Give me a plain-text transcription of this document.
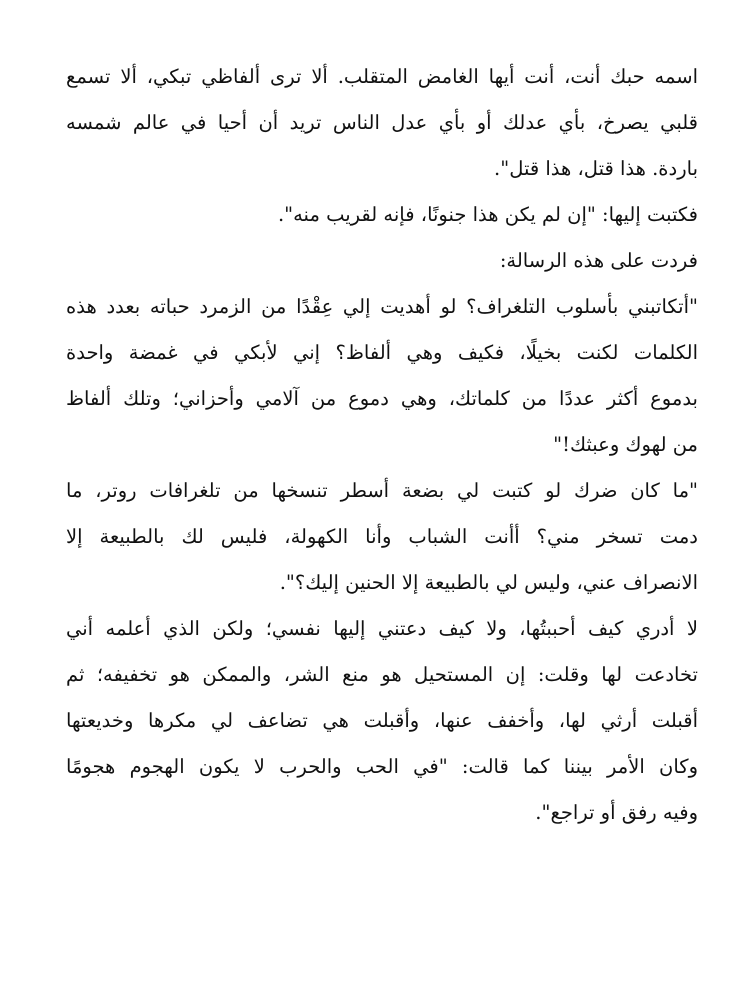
اسمه حبك أنت، أنت أيها الغامض المتقلب. ألا ترى ألفاظي تبكي، ألا تسمع
قلبي يصرخ، بأي عدلك أو بأي عدل الناس تريد أن أحيا في عالم شمسه
باردة. هذا قتل، هذا قتل".
فكتبت إليها: "إن لم يكن هذا جنونًا، فإنه لقريب منه".
فردت على هذه الرسالة:
"أتكاتبني بأسلوب التلغراف؟ لو أهديت إلي عِقْدًا من الزمرد حباته بعدد هذه
الكلمات لكنت بخيلًا، فكيف وهي ألفاظ؟ إني لأبكي في غمضة واحدة
بدموع أكثر عددًا من كلماتك، وهي دموع من آلامي وأحزاني؛ وتلك ألفاظ
من لهوك وعبثك!"
"ما كان ضرك لو كتبت لي بضعة أسطر تنسخها من تلغرافات روتر، ما
دمت تسخر مني؟ أأنت الشباب وأنا الكهولة، فليس لك بالطبيعة إلا
الانصراف عني، وليس لي بالطبيعة إلا الحنين إليك؟".
لا أدري كيف أحببتُها، ولا كيف دعتني إليها نفسي؛ ولكن الذي أعلمه أني
تخادعت لها وقلت: إن المستحيل هو منع الشر، والممكن هو تخفيفه؛ ثم
أقبلت أرثي لها، وأخفف عنها، وأقبلت هي تضاعف لي مكرها وخديعتها
وكان الأمر بيننا كما قالت: "في الحب والحرب لا يكون الهجوم هجومًا
وفيه رفق أو تراجع".
